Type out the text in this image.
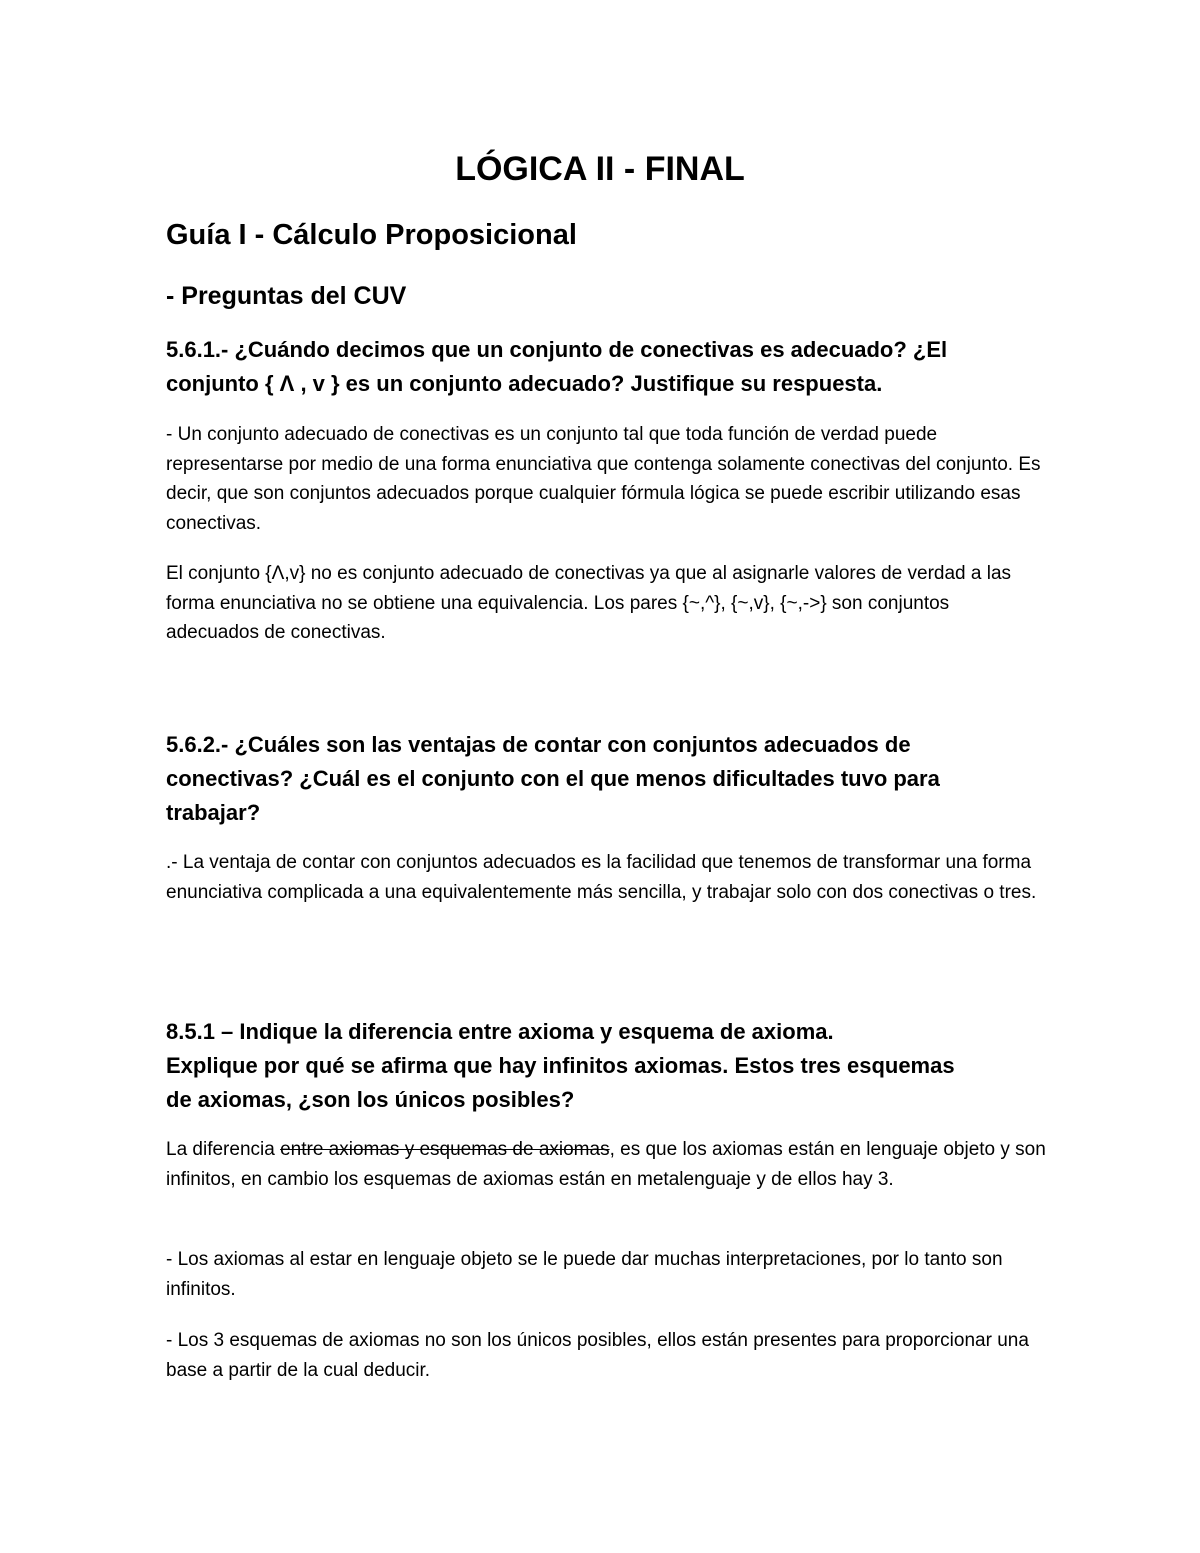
LÓGICA II - FINAL
Guía I - Cálculo Proposicional
- Preguntas del CUV
5.6.1.- ¿Cuándo decimos que un conjunto de conectivas es adecuado? ¿El
conjunto { Λ , v } es un conjunto adecuado? Justifique su respuesta.

- Un conjunto adecuado de conectivas es un conjunto tal que toda función de verdad puede representarse por medio de una forma enunciativa que contenga solamente conectivas del conjunto. Es decir, que son conjuntos adecuados porque cualquier fórmula lógica se puede escribir utilizando esas conectivas.

El conjunto {Λ,v} no es conjunto adecuado de conectivas ya que al asignarle valores de verdad a las forma enunciativa no se obtiene una equivalencia. Los pares {~,^}, {~,v}, {~,->} son conjuntos adecuados de conectivas.

5.6.2.- ¿Cuáles son las ventajas de contar con conjuntos adecuados de
conectivas? ¿Cuál es el conjunto con el que menos dificultades tuvo para
trabajar?

.- La ventaja de contar con conjuntos adecuados es la facilidad que tenemos de transformar una forma enunciativa complicada a una equivalentemente más sencilla, y trabajar solo con dos conectivas o tres.

8.5.1 – Indique la diferencia entre axioma y esquema de axioma.
Explique por qué se afirma que hay infinitos axiomas. Estos tres esquemas
de axiomas, ¿son los únicos posibles?

La diferencia entre axiomas y esquemas de axiomas, es que los axiomas están en lenguaje objeto y son infinitos, en cambio los esquemas de axiomas están en metalenguaje y de ellos hay 3.

- Los axiomas al estar en lenguaje objeto se le puede dar muchas interpretaciones, por lo tanto son infinitos.

- Los 3 esquemas de axiomas no son los únicos posibles, ellos están presentes para proporcionar una base a partir de la cual deducir.
